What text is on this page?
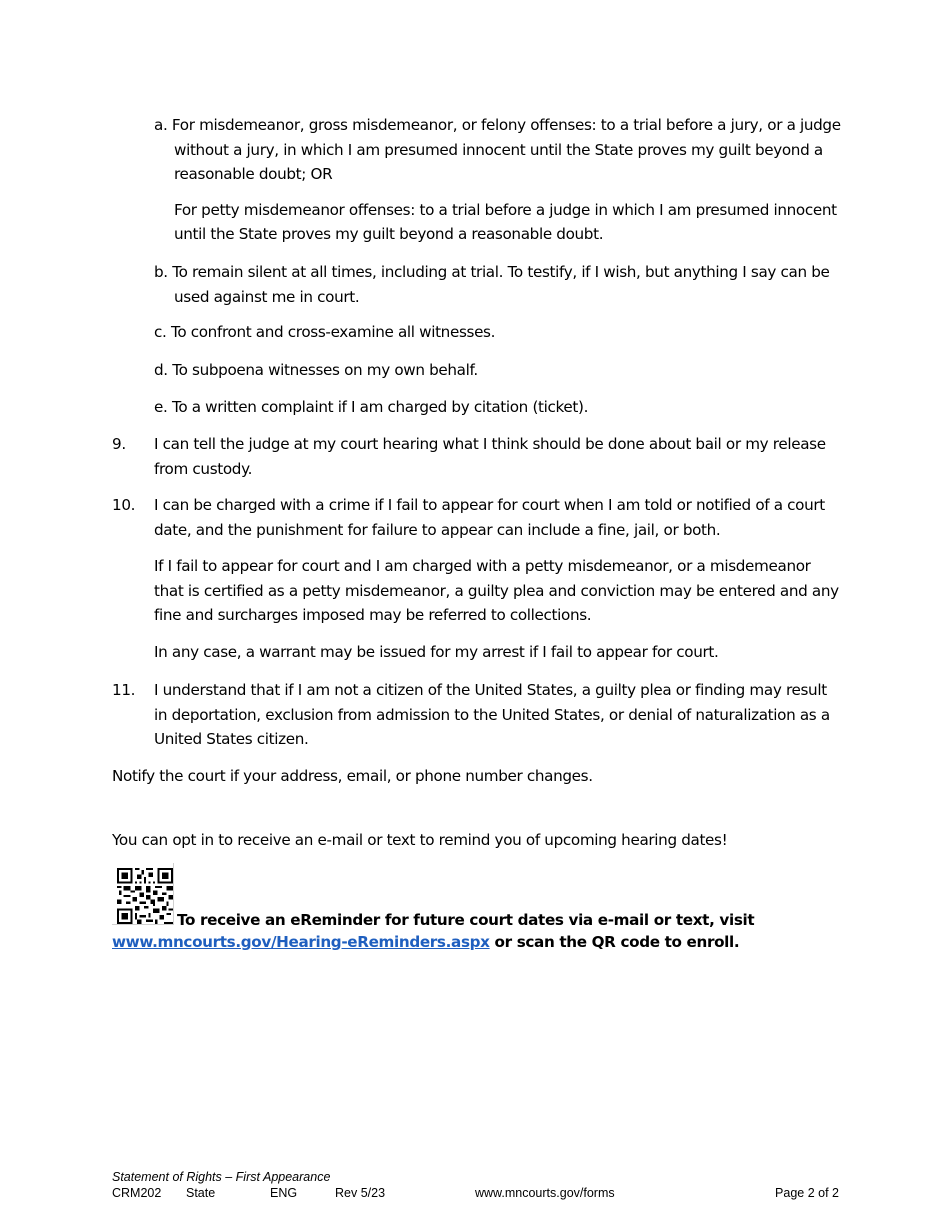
a. For misdemeanor, gross misdemeanor, or felony offenses: to a trial before a jury, or a judge without a jury, in which I am presumed innocent until the State proves my guilt beyond a reasonable doubt; OR
For petty misdemeanor offenses: to a trial before a judge in which I am presumed innocent until the State proves my guilt beyond a reasonable doubt.
b. To remain silent at all times, including at trial. To testify, if I wish, but anything I say can be used against me in court.
c. To confront and cross-examine all witnesses.
d. To subpoena witnesses on my own behalf.
e. To a written complaint if I am charged by citation (ticket).
9.	I can tell the judge at my court hearing what I think should be done about bail or my release from custody.
10.	I can be charged with a crime if I fail to appear for court when I am told or notified of a court date, and the punishment for failure to appear can include a fine, jail, or both.
If I fail to appear for court and I am charged with a petty misdemeanor, or a misdemeanor that is certified as a petty misdemeanor, a guilty plea and conviction may be entered and any fine and surcharges imposed may be referred to collections.
In any case, a warrant may be issued for my arrest if I fail to appear for court.
11.	I understand that if I am not a citizen of the United States, a guilty plea or finding may result in deportation, exclusion from admission to the United States, or denial of naturalization as a United States citizen.
Notify the court if your address, email, or phone number changes.
You can opt in to receive an e-mail or text to remind you of upcoming hearing dates!
To receive an eReminder for future court dates via e-mail or text, visit
www.mncourts.gov/Hearing-eReminders.aspx or scan the QR code to enroll.
Statement of Rights – First Appearance
CRM202 State	ENG	Rev 5/23	www.mncourts.gov/forms	Page 2 of 2
